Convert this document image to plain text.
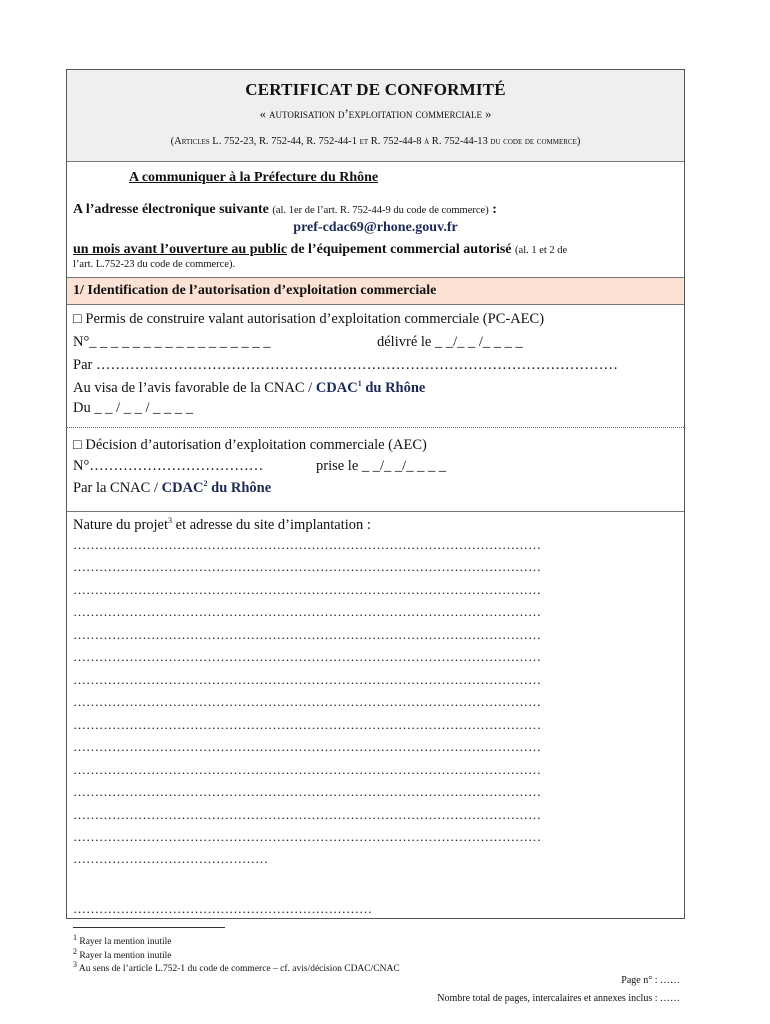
CERTIFICAT DE CONFORMITÉ
« autorisation d’exploitation commerciale »
(Articles L. 752-23, R. 752-44, R. 752-44-1 et R. 752-44-8 à R. 752-44-13 du code de commerce)
A communiquer à la Préfecture du Rhône
A l’adresse électronique suivante (al. 1er de l’art. R. 752-44-9 du code de commerce) :
pref-cdac69@rhone.gouv.fr
un mois avant l’ouverture au public de l’équipement commercial autorisé (al. 1 et 2 de
l’art. L.752-23 du code de commerce).
1/ Identification de l’autorisation d’exploitation commerciale
□ Permis de construire valant autorisation d’exploitation commerciale (PC-AEC)
N°_ _ _ _ _ _ _ _ _ _ _ _ _ _ _ _ _	délivré le _ _/_ _ /_ _ _ _
Par ………………………………………………………………………………………………
Au visa de l’avis favorable de la CNAC / CDAC$^1$ du Rhône
Du _ _ / _ _ / _ _ _ _
□ Décision d’autorisation d’exploitation commerciale (AEC)
N°………………………………	prise le _ _/_ _/_ _ _ _
Par la CNAC / CDAC$^2$ du Rhône
Nature du projet$^3$ et adresse du site d’implantation :
………………………………………………………………………………………………
………………………………………………………………………………………………
………………………………………………………………………………………………
………………………………………………………………………………………………
………………………………………………………………………………………………
………………………………………………………………………………………………
………………………………………………………………………………………………
………………………………………………………………………………………………
………………………………………………………………………………………………
………………………………………………………………………………………………
………………………………………………………………………………………………
………………………………………………………………………………………………
………………………………………………………………………………………………
………………………………………………………………………………………………
………………………………………
……………………………………………………………
$^1$ Rayer la mention inutile
$^2$ Rayer la mention inutile
$^3$ Au sens de l’article L.752-1 du code de commerce – cf. avis/décision CDAC/CNAC
Page n° : ……
Nombre total de pages, intercalaires et annexes inclus : ……
